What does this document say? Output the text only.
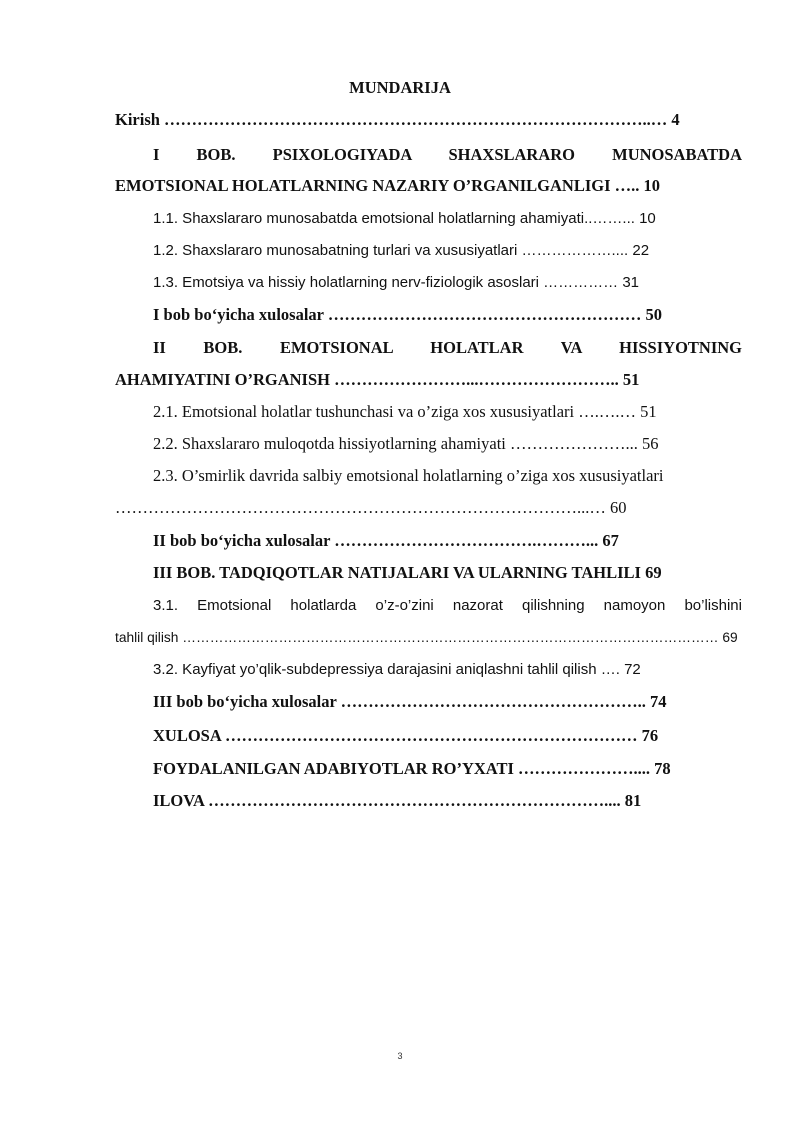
MUNDARIJA
Kirish ……………………………………………………………………………..… 4
I BOB. PSIXOLOGIYADA SHAXSLARARO MUNOSABATDA
EMOTSIONAL HOLATLARNING NAZARIY O’RGANILGANLIGI ….. 10
1.1. Shaxslararo munosabatda emotsional holatlarning ahamiyati..……... 10
1.2. Shaxslararo munosabatning turlari va xususiyatlari ……………….... 22
1.3. Emotsiya va hissiy holatlarning nerv-fiziologik asoslari …………… 31
I bob bo‘yicha xulosalar ………………………………………………… 50
II BOB. EMOTSIONAL HOLATLAR VA HISSIYOTNING
AHAMIYATINI O’RGANISH ……………………...…………………….. 51
2.1. Emotsional holatlar tushunchasi va o’ziga xos xususiyatlari ….….… 51
2.2. Shaxslararo muloqotda hissiyotlarning ahamiyati …………………... 56
2.3. O’smirlik davrida salbiy emotsional holatlarning o’ziga xos xususiyatlari
…………………………………………………………………………...… 60
II bob bo‘yicha xulosalar ……………………………….………... 67
III BOB. TADQIQOTLAR NATIJALARI VA ULARNING TAHLILI 69
3.1. Emotsional holatlarda o’z-o’zini nazorat qilishning namoyon bo’lishini
tahlil qilish ……………………………………………………………………………………………………… 69
3.2. Kayfiyat yo’qlik-subdepressiya darajasini aniqlashni tahlil qilish …. 72
III bob bo‘yicha xulosalar ……………………………………………….. 74
XULOSA ………………………………………………………………… 76
FOYDALANILGAN ADABIYOTLAR RO’YXATI ………………….... 78
ILOVA ……………………………………………………………….... 81
3
